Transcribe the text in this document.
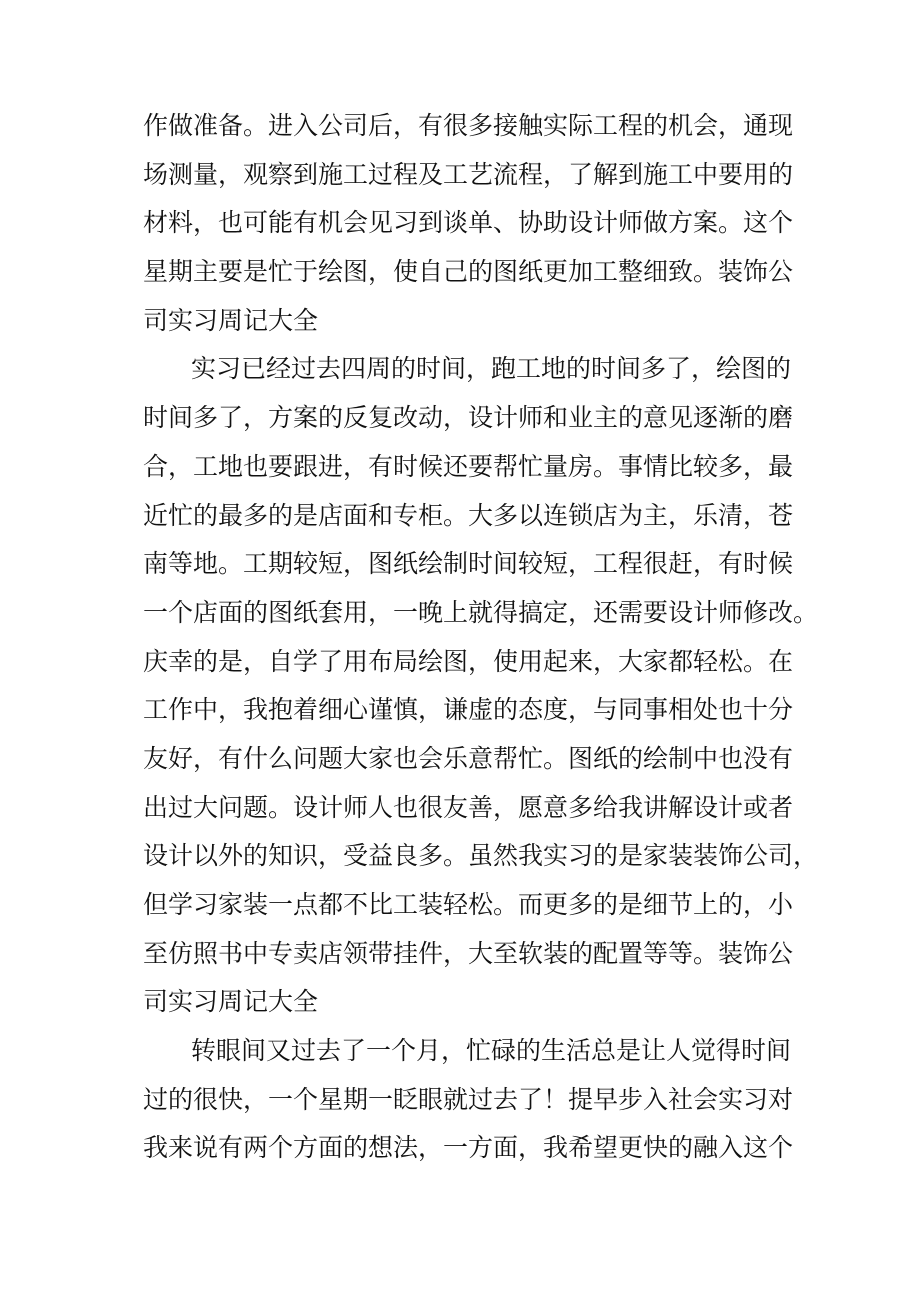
作做准备。进入公司后，有很多接触实际工程的机会，通现
场测量，观察到施工过程及工艺流程，了解到施工中要用的
材料，也可能有机会见习到谈单、协助设计师做方案。这个
星期主要是忙于绘图，使自己的图纸更加工整细致。装饰公
司实习周记大全
实习已经过去四周的时间，跑工地的时间多了，绘图的
时间多了，方案的反复改动，设计师和业主的意见逐渐的磨
合，工地也要跟进，有时候还要帮忙量房。事情比较多，最
近忙的最多的是店面和专柜。大多以连锁店为主，乐清，苍
南等地。工期较短，图纸绘制时间较短，工程很赶，有时候
一个店面的图纸套用，一晚上就得搞定，还需要设计师修改。
庆幸的是，自学了用布局绘图，使用起来，大家都轻松。在
工作中，我抱着细心谨慎，谦虚的态度，与同事相处也十分
友好，有什么问题大家也会乐意帮忙。图纸的绘制中也没有
出过大问题。设计师人也很友善，愿意多给我讲解设计或者
设计以外的知识，受益良多。虽然我实习的是家装装饰公司，
但学习家装一点都不比工装轻松。而更多的是细节上的，小
至仿照书中专卖店领带挂件，大至软装的配置等等。装饰公
司实习周记大全
转眼间又过去了一个月，忙碌的生活总是让人觉得时间
过的很快，一个星期一眨眼就过去了！提早步入社会实习对
我来说有两个方面的想法，一方面，我希望更快的融入这个
